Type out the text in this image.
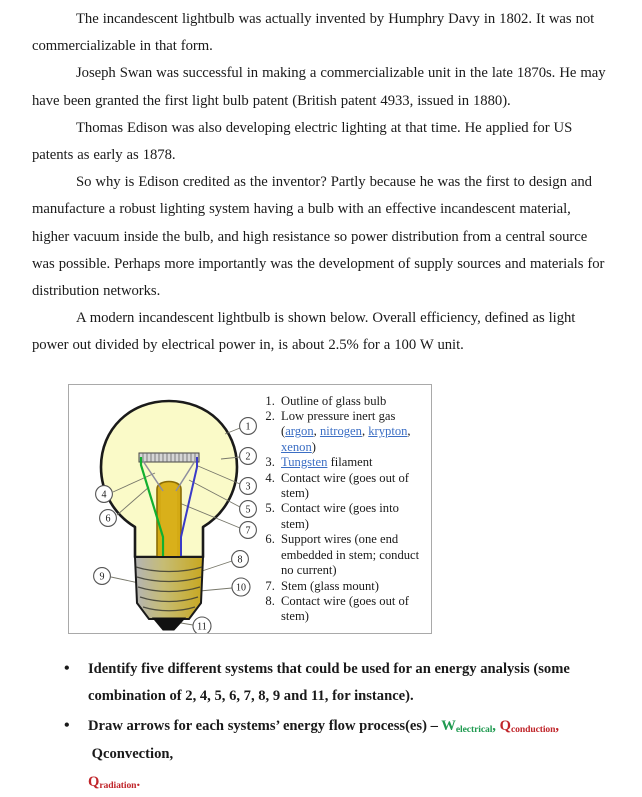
The incandescent lightbulb was actually invented by Humphry Davy in 1802. It was not commercializable in that form.

Joseph Swan was successful in making a commercializable unit in the late 1870s. He may have been granted the first light bulb patent (British patent 4933, issued in 1880).

Thomas Edison was also developing electric lighting at that time. He applied for US patents as early as 1878.

So why is Edison credited as the inventor? Partly because he was the first to design and manufacture a robust lighting system having a bulb with an effective incandescent material, higher vacuum inside the bulb, and high resistance so power distribution from a central source was possible. Perhaps more importantly was the development of supply sources and materials for distribution networks.

A modern incandescent lightbulb is shown below. Overall efficiency, defined as light power out divided by electrical power in, is about 2.5% for a 100 W unit.

1
2
3
4
5
6
7
8
9
10
11
1. Outline of glass bulb
2. Low pressure inert gas (argon, nitrogen, krypton, xenon)
3. Tungsten filament
4. Contact wire (goes out of stem)
5. Contact wire (goes into stem)
6. Support wires (one end embedded in stem; conduct no current)
7. Stem (glass mount)
8. Contact wire (goes out of stem)
• Identify five different systems that could be used for an energy analysis (some combination of 2, 4, 5, 6, 7, 8, 9 and 11, for instance).
• Draw arrows for each systems’ energy flow process(es) – $W_{electrical}$, $Q_{conduction}$,  Qconvection,
$Q_{radiation}$.
